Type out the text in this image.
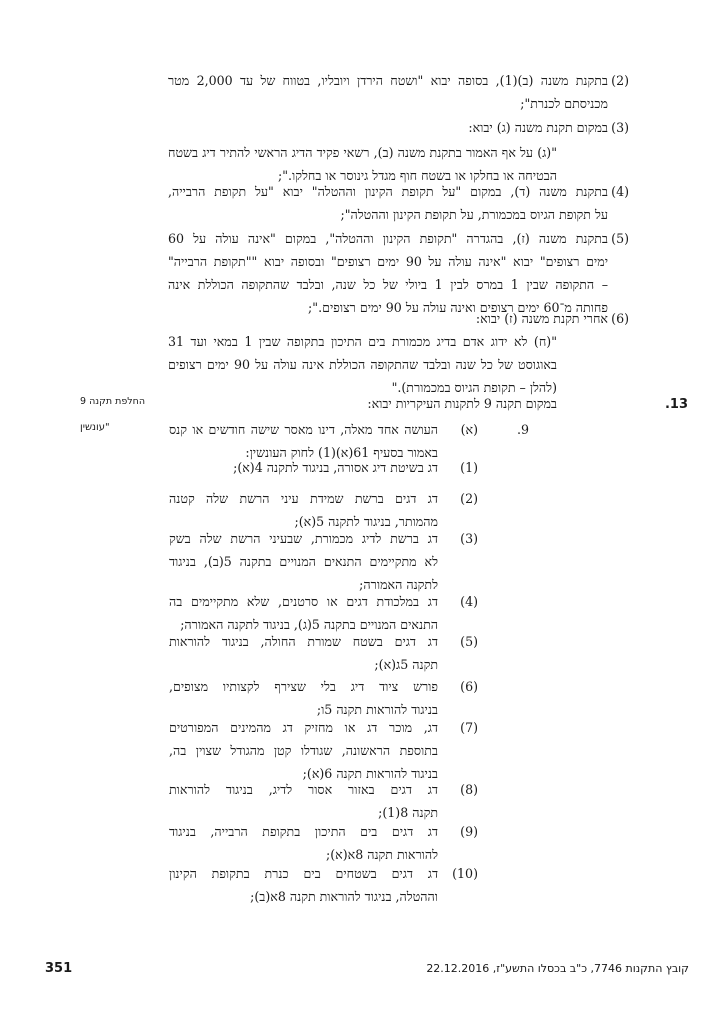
(2)
בתקנת משנה (ב)(1), בסופה יבוא "ושטח הירדן ויובליו, בטווח של עד 2,000 מטר
מכניסתם לכנרת";
(3)
במקום תקנת משנה (ג) יבוא:
"(ג) על אף האמור בתקנת משנה (ב), רשאי פקיד הדיג הראשי להתיר דיג בשטח
הבטיחה או בחלקו או בשטח חוף מגדל גינוסר או בחלקו.";
(4)
בתקנת משנה (ד), במקום "על תקופת הקינון וההטלה" יבוא "על תקופת הרבייה,
על תקופת הגיוס במכמורת, על תקופת הקינון וההטלה";
(5)
בתקנת משנה (ז), בהגדרה "תקופת הקינון וההטלה", במקום "אינה עולה על 60
ימים רצופים" יבוא "אינה עולה על 90 ימים רצופים" ובסופה יבוא ""תקופת הרבייה"
– התקופה שבין 1 במרס לבין 1 ביולי של כל שנה, ובלבד שהתקופה הכוללת אינה
פחותה מ־60 ימים רצופים ואינה עולה על 90 ימים רצופים.";
(6)
אחרי תקנת משנה (ז) יבוא:
"(ח) לא ידוג אדם בדיג מכמורת בים התיכון בתקופה שבין 1 במאי ועד 31
באוגוסט של כל שנה ובלבד שהתקופה הכוללת אינה עולה על 90 ימים רצופים
(להלן – תקופת הגיוס במכמורת)."
.13
החלפת תקנה 9	במקום תקנה 9 לתקנות העיקריות יבוא:
"עונשין	9.
(א)
העושה אחד מאלה, דינו מאסר שישה חודשים או קנס
באמור בסעיף 61(א)(1) לחוק העונשין:
(1)
דג בשיטת דיג אסורה, בניגוד לתקנה 4(א);
(2)
דג דגים ברשת שמידת עיני הרשת שלה קטנה
מהמותר, בניגוד לתקנה 5(א);
(3)
דג ברשת לדיג מכמורת, שבעיני הרשת שלה בשק
לא מתקיימים התנאים המנויים בתקנה 5(ב), בניגוד
לתקנה האמורה;
(4)
דג במלכודת דגים או סרטנים, שלא מתקיימים בה
התנאים המנויים בתקנה 5(ג), בניגוד לתקנה האמורה;
(5)
דג דגים בשטח שמורת החולה, בניגוד להוראות
תקנה 5ג(א);
(6)
פורש ציוד דיג בלי שצירף לקצותיו מצופים,
בניגוד להוראות תקנה 5ו;
(7)
דג, מוכר דג או מחזיק דג מהמינים המפורטים
בתוספת הראשונה, שגודלו קטן מהגודל שצוין בה,
בניגוד להוראות תקנה 6(א);
(8)
דג דגים באזור אסור לדיג, בניגוד להוראות
תקנה 8(1);
(9)
דג דגים בים התיכון בתקופת הרבייה, בניגוד
להוראות תקנה 8א(א);
(10)
דג דגים בשטחים בים כנרת בתקופת הקינון
וההטלה, בניגוד להוראות תקנה 8א(ב);
קובץ התקנות 7746, כ"ב בכסלו התשע"ז, 22.12.2016
351
